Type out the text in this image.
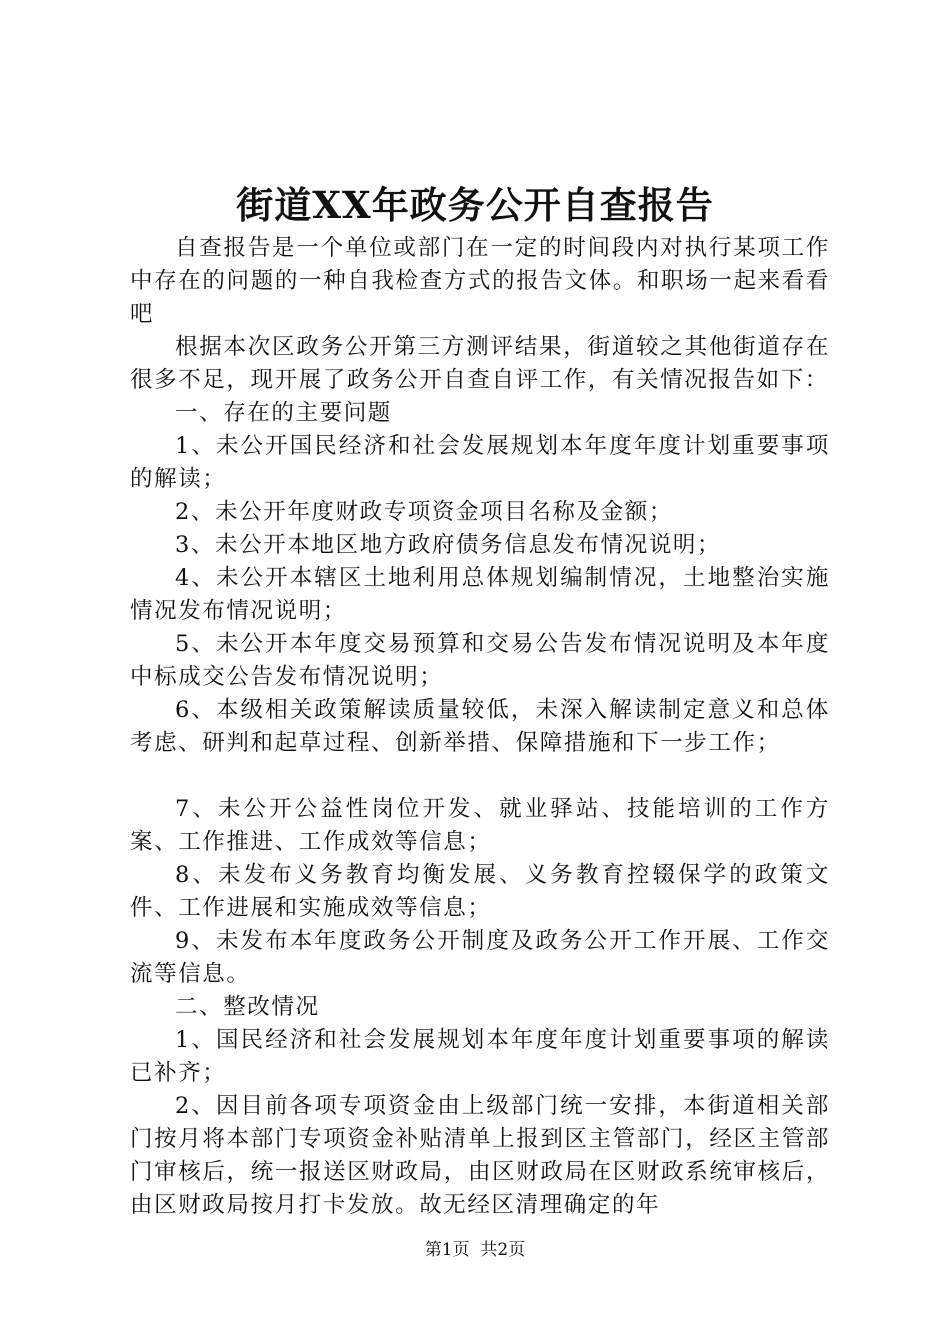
街道XX年政务公开自查报告

自查报告是一个单位或部门在一定的时间段内对执行某项工作中存在的问题的一种自我检查方式的报告文体。和职场一起来看看吧

根据本次区政务公开第三方测评结果，街道较之其他街道存在很多不足，现开展了政务公开自查自评工作，有关情况报告如下：

一、存在的主要问题

1、未公开国民经济和社会发展规划本年度年度计划重要事项的解读；

2、未公开年度财政专项资金项目名称及金额；

3、未公开本地区地方政府债务信息发布情况说明；

4、未公开本辖区土地利用总体规划编制情况，土地整治实施情况发布情况说明；

5、未公开本年度交易预算和交易公告发布情况说明及本年度中标成交公告发布情况说明；

6、本级相关政策解读质量较低，未深入解读制定意义和总体考虑、研判和起草过程、创新举措、保障措施和下一步工作；

7、未公开公益性岗位开发、就业驿站、技能培训的工作方案、工作推进、工作成效等信息；

8、未发布义务教育均衡发展、义务教育控辍保学的政策文件、工作进展和实施成效等信息；

9、未发布本年度政务公开制度及政务公开工作开展、工作交流等信息。

二、整改情况

1、国民经济和社会发展规划本年度年度计划重要事项的解读已补齐；

2、因目前各项专项资金由上级部门统一安排，本街道相关部门按月将本部门专项资金补贴清单上报到区主管部门，经区主管部门审核后，统一报送区财政局，由区财政局在区财政系统审核后，由区财政局按月打卡发放。故无经区清理确定的年

第1页 共2页
